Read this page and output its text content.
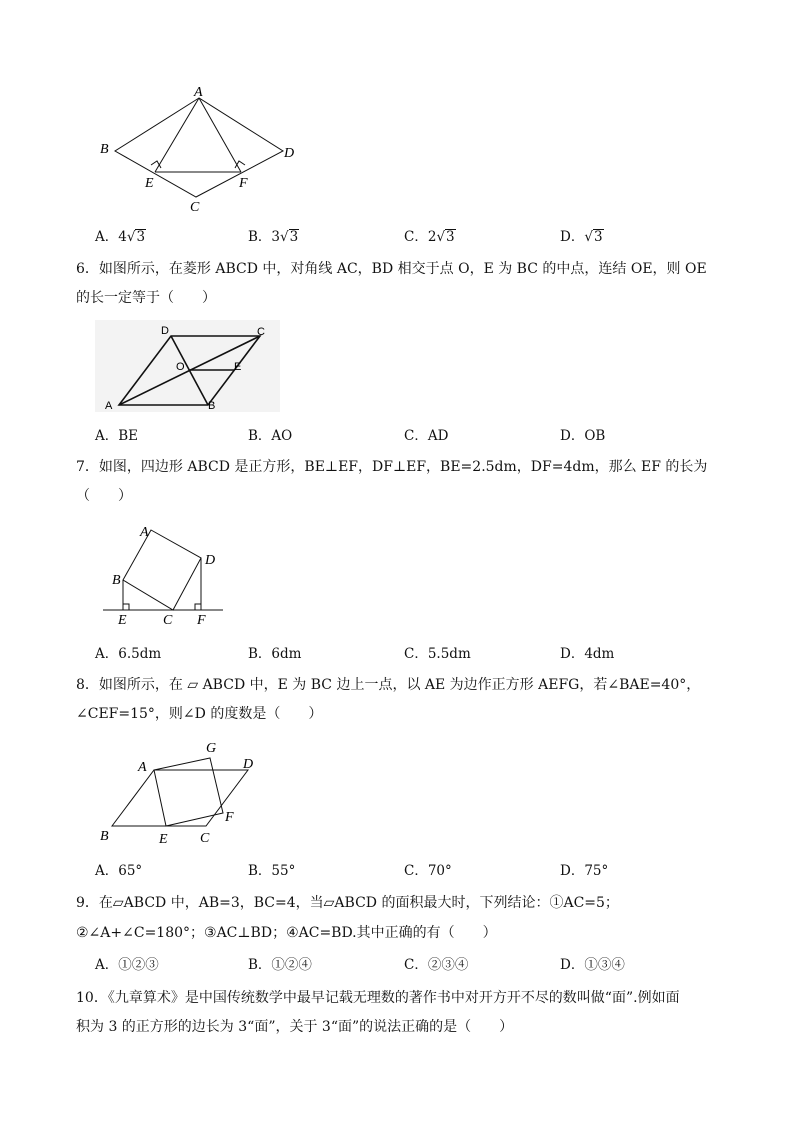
A
B
C
D
E	F
A．4√3	B．3√3	C．2√3	D．√3
6．如图所示，在菱形 ABCD 中，对角线 AC，BD 相交于点 O，E 为 BC 的中点，连结 OE，则 OE
的长一定等于（　　）
A	B
C
D
O	E
A．BE	B．AO	C．AD	D．OB
7．如图，四边形 ABCD 是正方形，BE⊥EF，DF⊥EF，BE=2.5dm，DF=4dm，那么 EF 的长为
（　　）
A
B
C
D
E	F
A．6.5dm	B．6dm	C．5.5dm	D．4dm
8．如图所示，在 ▱ ABCD 中，E 为 BC 边上一点，以 AE 为边作正方形 AEFG，若∠BAE=40°，
∠CEF=15°，则∠D 的度数是（　　）
A
B	C
D
E
F
G
A．65°	B．55°	C．70°	D．75°
9．在▱ABCD 中，AB=3，BC=4，当▱ABCD 的面积最大时，下列结论：①AC=5；
②∠A+∠C=180°；③AC⊥BD；④AC=BD.其中正确的有（　　）
A．①②③	B．①②④	C．②③④	D．①③④
10．《九章算术》是中国传统数学中最早记载无理数的著作书中对开方开不尽的数叫做“面”.例如面
积为 3 的正方形的边长为 3“面”，关于 3“面”的说法正确的是（　　）
